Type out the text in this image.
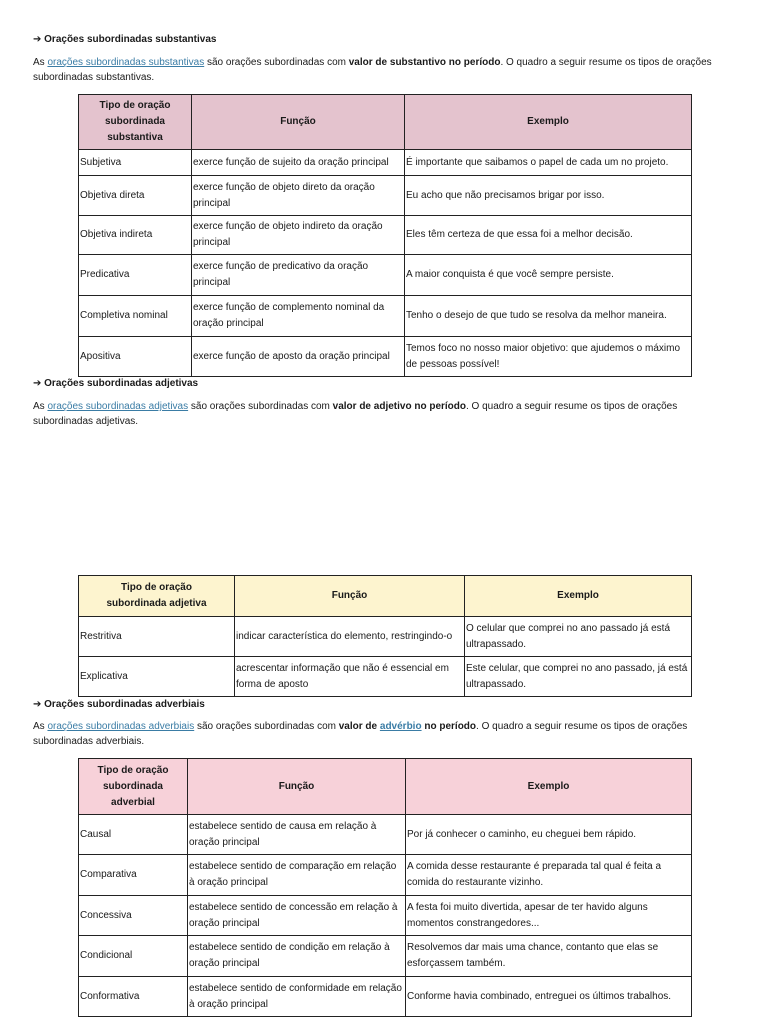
➔ Orações subordinadas substantivas
As orações subordinadas substantivas são orações subordinadas com valor de substantivo no período. O quadro a seguir resume os tipos de orações subordinadas substantivas.
Tipo de oração subordinada substantiva	Função	Exemplo
Subjetiva	exerce função de sujeito da oração principal	É importante que saibamos o papel de cada um no projeto.
Objetiva direta	exerce função de objeto direto da oração principal	Eu acho que não precisamos brigar por isso.
Objetiva indireta	exerce função de objeto indireto da oração principal	Eles têm certeza de que essa foi a melhor decisão.
Predicativa	exerce função de predicativo da oração principal	A maior conquista é que você sempre persiste.
Completiva nominal	exerce função de complemento nominal da oração principal	Tenho o desejo de que tudo se resolva da melhor maneira.
Apositiva	exerce função de aposto da oração principal	Temos foco no nosso maior objetivo: que ajudemos o máximo de pessoas possível!
➔ Orações subordinadas adjetivas
As orações subordinadas adjetivas são orações subordinadas com valor de adjetivo no período. O quadro a seguir resume os tipos de orações subordinadas adjetivas.
Tipo de oração subordinada adjetiva	Função	Exemplo
Restritiva	indicar característica do elemento, restringindo-o	O celular que comprei no ano passado já está ultrapassado.
Explicativa	acrescentar informação que não é essencial em forma de aposto	Este celular, que comprei no ano passado, já está ultrapassado.
➔ Orações subordinadas adverbiais
As orações subordinadas adverbiais são orações subordinadas com valor de advérbio no período. O quadro a seguir resume os tipos de orações subordinadas adverbiais.
Tipo de oração subordinada adverbial	Função	Exemplo
Causal	estabelece sentido de causa em relação à oração principal	Por já conhecer o caminho, eu cheguei bem rápido.
Comparativa	estabelece sentido de comparação em relação à oração principal	A comida desse restaurante é preparada tal qual é feita a comida do restaurante vizinho.
Concessiva	estabelece sentido de concessão em relação à oração principal	A festa foi muito divertida, apesar de ter havido alguns momentos constrangedores...
Condicional	estabelece sentido de condição em relação à oração principal	Resolvemos dar mais uma chance, contanto que elas se esforçassem também.
Conformativa	estabelece sentido de conformidade em relação à oração principal	Conforme havia combinado, entreguei os últimos trabalhos.
